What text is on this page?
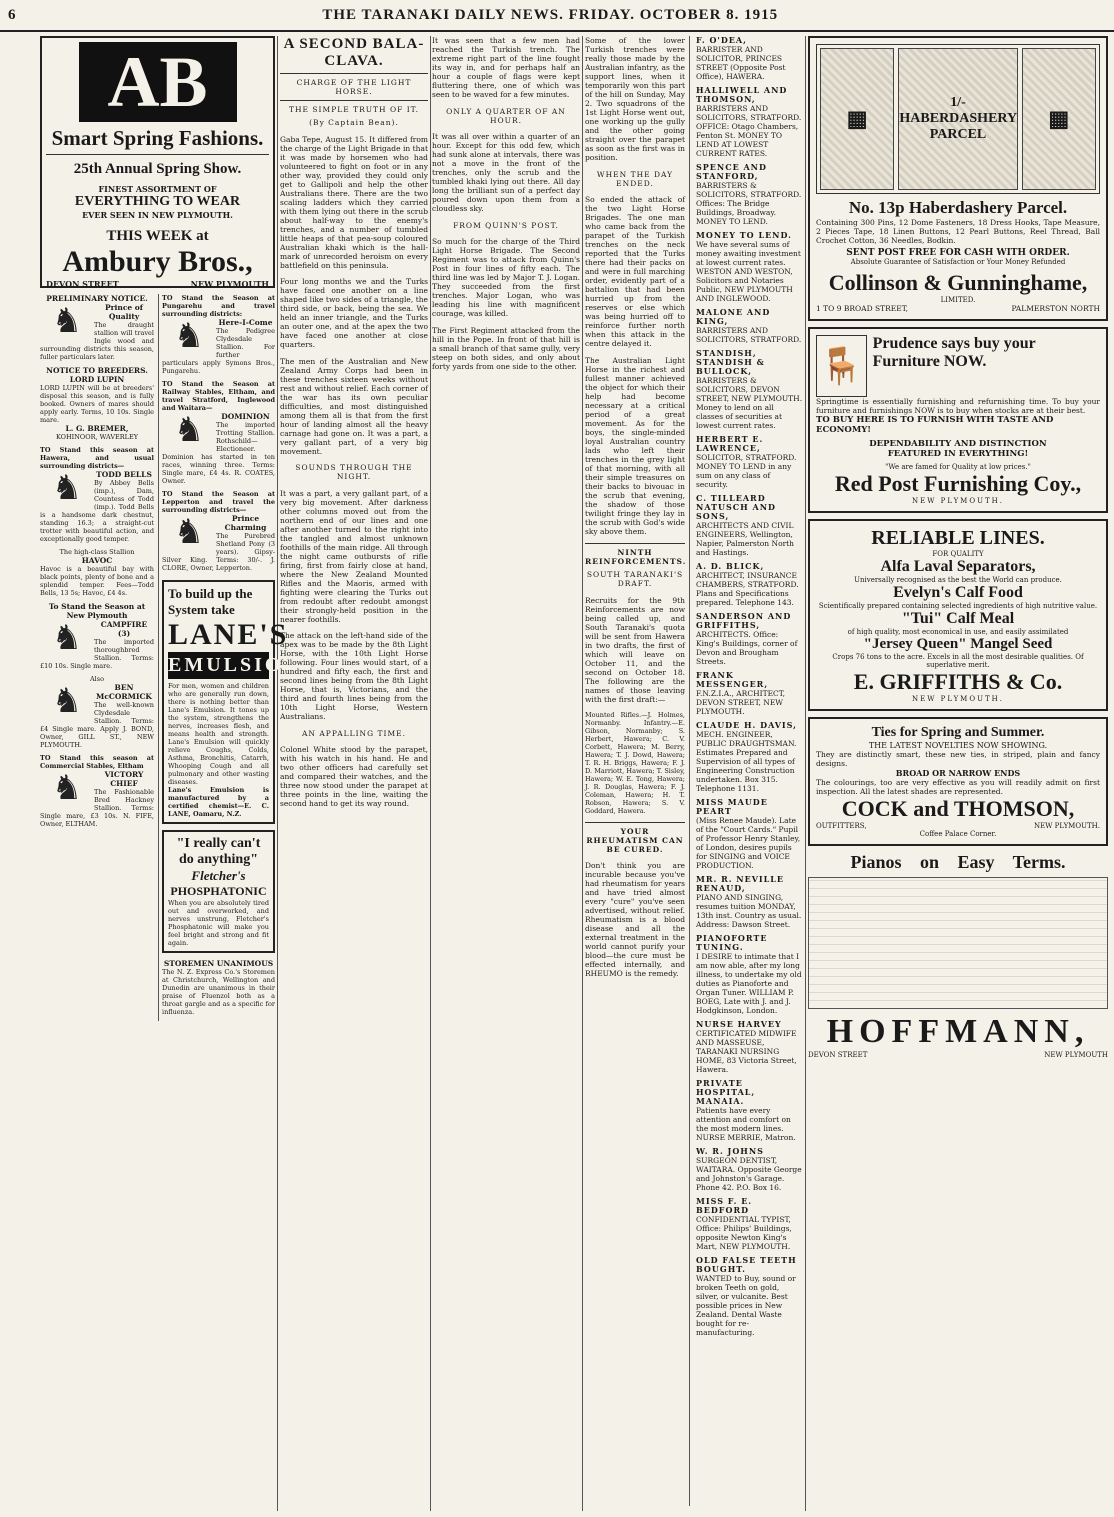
6	THE TARANAKI DAILY NEWS. FRIDAY. OCTOBER 8. 1915
AB
Smart Spring Fashions.
25th Annual Spring Show.
FINEST ASSORTMENT OF
EVERYTHING TO WEAR
EVER SEEN IN NEW PLYMOUTH.
THIS WEEK at
Ambury Bros.,
DEVON STREET	NEW PLYMOUTH
PRELIMINARY NOTICE.
♞	Prince of Quality
The draught stallion will travel Ingle wood and surrounding districts this season, fuller particulars later.
NOTICE TO BREEDERS.
LORD LUPIN
LORD LUPIN will be at breeders' disposal this season, and is fully booked. Owners of mares should apply early. Terms, 10 10s. Single mare.
L. G. BREMER,
KOHINOOR, WAVERLEY
TO Stand this season at Hawera, and usual surrounding districts—
♞	TODD BELLS
By Abbey Bells (imp.), Dam, Countess of Todd (imp.). Todd Bells is a handsome dark chestnut, standing 16.3; a straight-cut trotter with beautiful action, and exceptionally good temper.
The high-class Stallion
HAVOC
Havoc is a beautiful bay with black points, plenty of bone and a splendid temper. Fees—Todd Bells, 13 5s; Havoc, £4 4s.
To Stand the Season at New Plymouth
♞	CAMPFIRE (3)
The imported thoroughbred Stallion. Terms: £10 10s. Single mare.
Also
♞	BEN McCORMICK
The well-known Clydesdale Stallion. Terms: £4 Single mare. Apply J. BOND, Owner, GILL ST., NEW PLYMOUTH.
TO Stand this season at Commercial Stables, Eltham
♞	VICTORY CHIEF
The Fashionable Bred Hackney Stallion. Terms: Single mare, £3 10s. N. FIFE, Owner, ELTHAM.
TO Stand the Season at Pungarehu and travel surrounding districts:
♞	Here-I-Come
The Pedigree Clydesdale Stallion. For further particulars apply Symons Bros., Pungarehu.
TO Stand the Season at Railway Stables, Eltham, and travel Stratford, Inglewood and Waitara—
♞	DOMINION
The imported Trotting Stallion. Rothschild—Electioneer. Dominion has started in ten races, winning three. Terms: Single mare, £4 4s. R. COATES, Owner.
TO Stand the Season at Lepperton and travel the surrounding districts—
♞	Prince Charming
The Purebred Shetland Pony (3 years). Gipsy-Silver King. Terms: 30/-. J. CLORE, Owner, Lepperton.
To build up the System take
LANE'S
EMULSION
For men, women and children who are generally run down, there is nothing better than Lane's Emulsion. It tones up the system, strengthens the nerves, increases flesh, and means health and strength. Lane's Emulsion will quickly relieve Coughs, Colds, Asthma, Bronchitis, Catarrh, Whooping Cough and all pulmonary and other wasting diseases.
Lane's Emulsion is manufactured by a certified chemist—E. C. LANE, Oamaru, N.Z.
"I really can't do anything"
Fletcher's
PHOSPHATONIC
When you are absolutely tired out and overworked, and nerves unstrung, Fletcher's Phosphatonic will make you feel bright and strong and fit again.
STOREMEN UNANIMOUS
The N. Z. Express Co.'s Storemen at Christchurch, Wellington and Dunedin are unanimous in their praise of Fluenzol both as a throat gargle and as a specific for influenza.
A SECOND BALA-CLAVA.
CHARGE OF THE LIGHT HORSE.
THE SIMPLE TRUTH OF IT.
(By Captain Bean).

Gaba Tepe, August 15. It differed from the charge of the Light Brigade in that it was made by horsemen who had volunteered to fight on foot or in any other way, provided they could only get to Gallipoli and help the other Australians there. There are the two scaling ladders which they carried with them lying out there in the scrub about half-way to the enemy's trenches, and a number of tumbled little heaps of that pea-soup coloured Australian khaki which is the hall-mark of unrecorded heroism on every battlefield on this peninsula.

Four long months we and the Turks have faced one another on a line shaped like two sides of a triangle, the third side, or back, being the sea. We held an inner triangle, and the Turks an outer one, and at the apex the two have faced one another at close quarters.

The men of the Australian and New Zealand Army Corps had been in these trenches sixteen weeks without rest and without relief. Each corner of the war has its own peculiar difficulties, and most distinguished among them all is that from the first hour of landing almost all the heavy carnage had gone on. It was a part, a very gallant part, of a very big movement.

SOUNDS THROUGH THE NIGHT.

It was a part, a very gallant part, of a very big movement. After darkness other columns moved out from the northern end of our lines and one after another turned to the right into the tangled and almost unknown foothills of the main ridge. All through the night came outbursts of rifle firing, first from fairly close at hand, where the New Zealand Mounted Rifles and the Maoris, armed with fighting were clearing the Turks out from redoubt after redoubt amongst their strongly-held position in the nearer foothills.

The attack on the left-hand side of the apex was to be made by the 8th Light Horse, with the 10th Light Horse following. Four lines would start, of a hundred and fifty each, the first and second lines being from the 8th Light Horse, that is, Victorians, and the third and fourth lines being from the 10th Light Horse, Western Australians.

AN APPALLING TIME.

Colonel White stood by the parapet, with his watch in his hand. He and two other officers had carefully set and compared their watches, and the three now stood under the parapet at three points in the line, waiting the second hand to get its way round.

It was seen that a few men had reached the Turkish trench. The extreme right part of the line fought its way in, and for perhaps half an hour a couple of flags were kept fluttering there, one of which was seen to be waved for a few minutes.

ONLY A QUARTER OF AN HOUR.

It was all over within a quarter of an hour. Except for this odd few, which had sunk alone at intervals, there was not a move in the front of the trenches, only the scrub and the tumbled khaki lying out there. All day long the brilliant sun of a perfect day poured down upon them from a cloudless sky.

FROM QUINN'S POST.

So much for the charge of the Third Light Horse Brigade. The Second Regiment was to attack from Quinn's Post in four lines of fifty each. The third line was led by Major T. J. Logan. They succeeded from the first trenches. Major Logan, who was leading his line with magnificent courage, was killed.

The First Regiment attacked from the hill in the Pope. In front of that hill is a small branch of that same gully, very steep on both sides, and only about forty yards from one side to the other.

Some of the lower Turkish trenches were really those made by the Australian infantry, as the support lines, when it temporarily won this part of the hill on Sunday, May 2. Two squadrons of the 1st Light Horse went out, one working up the gully and the other going straight over the parapet as soon as the first was in position.

WHEN THE DAY ENDED.

So ended the attack of the two Light Horse Brigades. The one man who came back from the parapet of the Turkish trenches on the neck reported that the Turks there had their packs on and were in full marching order, evidently part of a battalion that had been hurried up from the reserves or else which was being hurried off to reinforce further north when this attack in the centre delayed it.

The Australian Light Horse in the richest and fullest manner achieved the object for which their help had become necessary at a critical period of a great movement. As for the boys, the single-minded loyal Australian country lads who left their trenches in the grey light of that morning, with all their simple treasures on their backs to bivouac in the scrub that evening, the shadow of those twilight fringe they lay in the scrub with God's wide sky above them.

NINTH REINFORCEMENTS.
SOUTH TARANAKI'S DRAFT.

Recruits for the 9th Reinforcements are now being called up, and South Taranaki's quota will be sent from Hawera in two drafts, the first of which will leave on October 11, and the second on October 18. The following are the names of those leaving with the first draft:—

Mounted Rifles.—J. Holmes, Normanby. Infantry.—E. Gibson, Normanby; S. Herbert, Hawera; C. V. Corbett, Hawera; M. Berry, Hawera; T. J. Dowd, Hawera; T. R. H. Briggs, Hawera; F. J. D. Marriott, Hawera; T. Sisley, Hawera; W. E. Tong, Hawera; J. R. Douglas, Hawera; F. J. Coleman, Hawera; H. T. Robson, Hawera; S. V. Goddard, Hawera.

YOUR RHEUMATISM CAN BE CURED.

Don't think you are incurable because you've had rheumatism for years and have tried almost every "cure" you've seen advertised, without relief. Rheumatism is a blood disease and all the external treatment in the world cannot purify your blood—the cure must be effected internally, and RHEUMO is the remedy.

F. O'DEA,
BARRISTER AND SOLICITOR, PRINCES STREET (Opposite Post Office), HAWERA.
HALLIWELL AND THOMSON,
BARRISTERS AND SOLICITORS, STRATFORD. OFFICE: Otago Chambers, Fenton St. MONEY TO LEND AT LOWEST CURRENT RATES.
SPENCE AND STANFORD,
BARRISTERS & SOLICITORS, STRATFORD. Offices: The Bridge Buildings, Broadway. MONEY TO LEND.
MONEY TO LEND.
We have several sums of money awaiting investment at lowest current rates. WESTON AND WESTON, Solicitors and Notaries Public, NEW PLYMOUTH AND INGLEWOOD.
MALONE AND KING,
BARRISTERS AND SOLICITORS, STRATFORD.
STANDISH, STANDISH & BULLOCK,
BARRISTERS & SOLICITORS, DEVON STREET, NEW PLYMOUTH. Money to lend on all classes of securities at lowest current rates.
HERBERT E. LAWRENCE,
SOLICITOR, STRATFORD. MONEY TO LEND in any sum on any class of security.
C. TILLEARD NATUSCH AND SONS,
ARCHITECTS AND CIVIL ENGINEERS, Wellington, Napier, Palmerston North and Hastings.
A. D. BLICK,
ARCHITECT, INSURANCE CHAMBERS, STRATFORD. Plans and Specifications prepared. Telephone 143.
SANDERSON AND GRIFFITHS,
ARCHITECTS. Office: King's Buildings, corner of Devon and Brougham Streets.
FRANK MESSENGER,
F.N.Z.I.A., ARCHITECT, DEVON STREET, NEW PLYMOUTH.
CLAUDE H. DAVIS,
MECH. ENGINEER, PUBLIC DRAUGHTSMAN. Estimates Prepared and Supervision of all types of Engineering Construction undertaken. Box 315. Telephone 1131.
MISS MAUDE PEART
(Miss Renee Maude). Late of the "Court Cards." Pupil of Professor Henry Stanley, of London, desires pupils for SINGING and VOICE PRODUCTION.
MR. R. NEVILLE RENAUD,
PIANO AND SINGING, resumes tuition MONDAY, 13th inst. Country as usual. Address: Dawson Street.
PIANOFORTE TUNING.
I DESIRE to intimate that I am now able, after my long illness, to undertake my old duties as Pianoforte and Organ Tuner. WILLIAM P. BOEG, Late with J. and J. Hodgkinson, London.
NURSE HARVEY
CERTIFICATED MIDWIFE AND MASSEUSE, TARANAKI NURSING HOME, 83 Victoria Street, Hawera.
PRIVATE HOSPITAL, MANAIA.
Patients have every attention and comfort on the most modern lines. NURSE MERRIE, Matron.
W. R. JOHNS
SURGEON DENTIST, WAITARA. Opposite George and Johnston's Garage. Phone 42. P.O. Box 16.
MISS F. E. BEDFORD
CONFIDENTIAL TYPIST, Office: Philips' Buildings, opposite Newton King's Mart, NEW PLYMOUTH.
OLD FALSE TEETH BOUGHT.
WANTED to Buy, sound or broken Teeth on gold, silver, or vulcanite. Best possible prices in New Zealand. Dental Waste bought for re-manufacturing.
▦
1/- HABERDASHERY PARCEL
▦
No. 13p Haberdashery Parcel.
Containing 300 Pins, 12 Dome Fasteners, 18 Dress Hooks, Tape Measure, 2 Pieces Tape, 18 Linen Buttons, 12 Pearl Buttons, Reel Thread, Ball Crochet Cotton, 36 Needles, Bodkin.
SENT POST FREE FOR CASH WITH ORDER.
Absolute Guarantee of Satisfaction or Your Money Refunded
Collinson & Gunninghame,
LIMITED.
1 TO 9 BROAD STREET,	PALMERSTON NORTH
🪑
Prudence says buy your Furniture NOW.
Springtime is essentially furnishing and refurnishing time. To buy your furniture and furnishings NOW is to buy when stocks are at their best.
TO BUY HERE IS TO FURNISH WITH TASTE AND ECONOMY!
DEPENDABILITY AND DISTINCTION FEATURED IN EVERYTHING!
"We are famed for Quality at low prices."
Red Post Furnishing Coy.,
NEW PLYMOUTH.
RELIABLE LINES.
FOR QUALITY
Alfa Laval Separators,
Universally recognised as the best the World can produce.
Evelyn's Calf Food
Scientifically prepared containing selected ingredients of high nutritive value.
"Tui" Calf Meal
of high quality, most economical in use, and easily assimilated
"Jersey Queen" Mangel Seed
Crops 76 tons to the acre. Excels in all the most desirable qualities. Of superlative merit.
E. GRIFFITHS & Co.
NEW PLYMOUTH.
Ties for Spring and Summer.
THE LATEST NOVELTIES NOW SHOWING.
They are distinctly smart, these new ties, in striped, plain and fancy designs.
BROAD OR NARROW ENDS
The colourings, too are very effective as you will readily admit on first inspection. All the latest shades are represented.
COCK and THOMSON,
OUTFITTERS,	NEW PLYMOUTH.
Coffee Palace Corner.
Pianos on Easy Terms.
HOFFMANN,
DEVON STREET	NEW PLYMOUTH
